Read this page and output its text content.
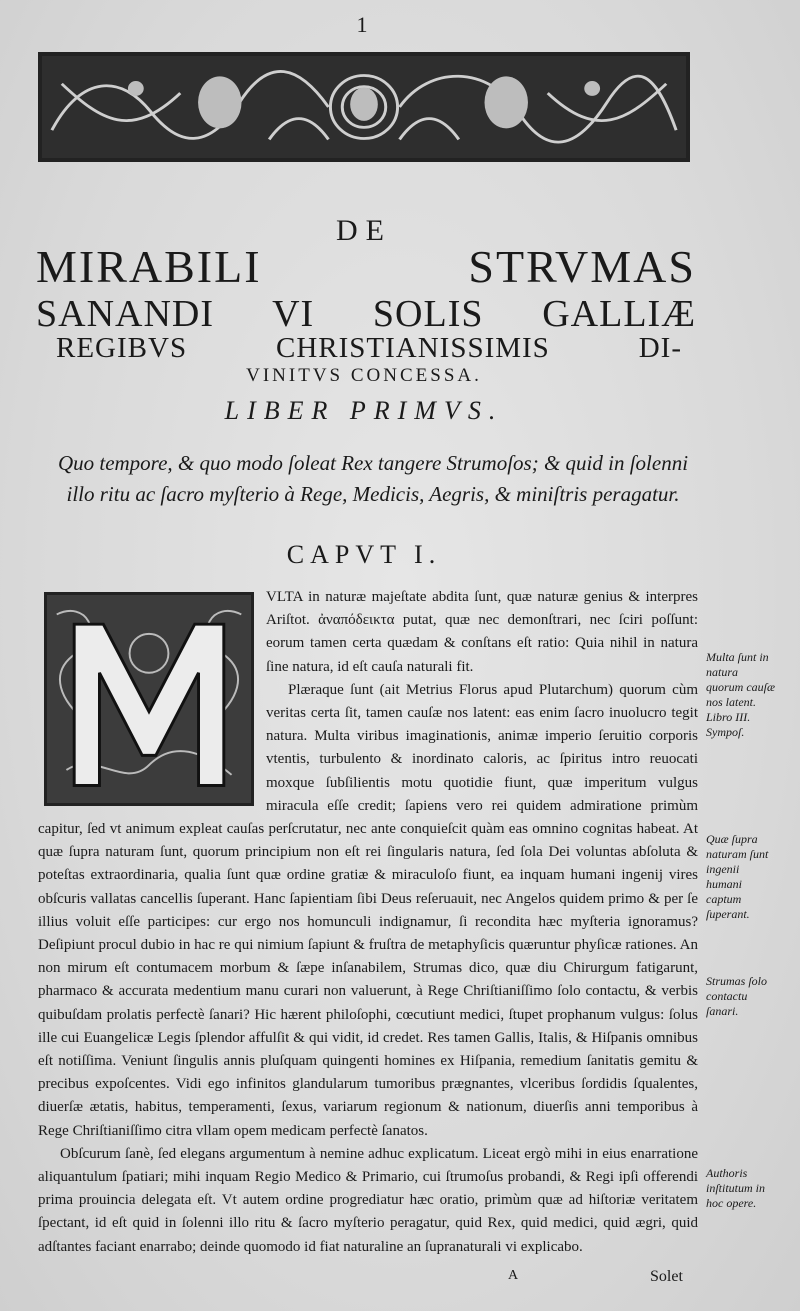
1
DE
MIRABILI STRVMAS
SANANDI VI SOLIS GALLIÆ
REGIBVS CHRISTIANISSIMIS DI-
VINITVS CONCESSA.
LIBER PRIMVS.
Quo tempore, & quo modo ſoleat Rex tangere Strumoſos; & quid in ſolenni illo ritu ac ſacro myſterio à Rege, Medicis, Aegris, & miniſtris peragatur.
CAPVT I.

VLTA in naturæ majeſtate abdita ſunt, quæ naturæ genius & interpres Ariſtot. ἀναπόδεικτα putat, quæ nec demonſtrari, nec ſciri poſſunt: eorum tamen certa quædam & conſtans eſt ratio: Quia nihil in natura ſine natura, id eſt cauſa naturali fit.

Plæraque ſunt (ait Metrius Florus apud Plutarchum) quorum cùm veritas certa ſit, tamen cauſæ nos latent: eas enim ſacro inuolucro tegit natura. Multa viribus imaginationis, animæ imperio ſeruitio corporis vtentis, turbulento & inordinato caloris, ac ſpiritus intro reuocati moxque ſubſilientis motu quotidie fiunt, quæ imperitum vulgus miracula eſſe credit; ſapiens vero rei quidem admiratione primùm capitur, ſed vt animum expleat cauſas perſcrutatur, nec ante conquieſcit quàm eas omnino cognitas habeat. At quæ ſupra naturam ſunt, quorum principium non eſt rei ſingularis natura, ſed ſola Dei voluntas abſoluta & poteſtas extraordinaria, qualia ſunt quæ ordine gratiæ & miraculoſo fiunt, ea inquam humani ingenij vires obſcuris vallatas cancellis ſuperant. Hanc ſapientiam ſibi Deus reſeruauit, nec Angelos quidem primo & per ſe illius voluit eſſe participes: cur ergo nos homunculi indignamur, ſi recondita hæc myſteria ignoramus? Deſipiunt procul dubio in hac re qui nimium ſapiunt & fruſtra de metaphyſicis quæruntur phyſicæ rationes. An non mirum eſt contumacem morbum & ſæpe inſanabilem, Strumas dico, quæ diu Chirurgum fatigarunt, pharmaco & accurata medentium manu curari non valuerunt, à Rege Chriſtianiſſimo ſolo contactu, & verbis quibuſdam prolatis perfectè ſanari? Hic hærent philoſophi, cœcutiunt medici, ſtupet prophanum vulgus: ſolus ille cui Euangelicæ Legis ſplendor affulſit & qui vidit, id credet. Res tamen Gallis, Italis, & Hiſpanis omnibus eſt notiſſima. Veniunt ſingulis annis pluſquam quingenti homines ex Hiſpania, remedium ſanitatis gemitu & precibus expoſcentes. Vidi ego infinitos glandularum tumoribus prægnantes, vlceribus ſordidis ſqualentes, diuerſæ ætatis, habitus, temperamenti, ſexus, variarum regionum & nationum, diuerſis anni temporibus à Rege Chriſtianiſſimo citra vllam opem medicam perfectè ſanatos.

Obſcurum ſanè, ſed elegans argumentum à nemine adhuc explicatum. Liceat ergò mihi in eius enarratione aliquantulum ſpatiari; mihi inquam Regio Medico & Primario, cui ſtrumoſus probandi, & Regi ipſi offerendi prima prouincia delegata eſt. Vt autem ordine progrediatur hæc oratio, primùm quæ ad hiſtoriæ veritatem ſpectant, id eſt quid in ſolenni illo ritu & ſacro myſterio peragatur, quid Rex, quid medici, quid ægri, quid adſtantes faciant enarrabo; deinde quomodo id fiat naturaline an ſupranaturali vi explicabo.

Multa ſunt in natura quorum cauſæ nos latent. Libro III. Sympoſ.
Quæ ſupra naturam ſunt ingenii humani captum ſuperant.
Strumas ſolo contactu ſanari.
Authoris inſtitutum in hoc opere.
A	Solet
